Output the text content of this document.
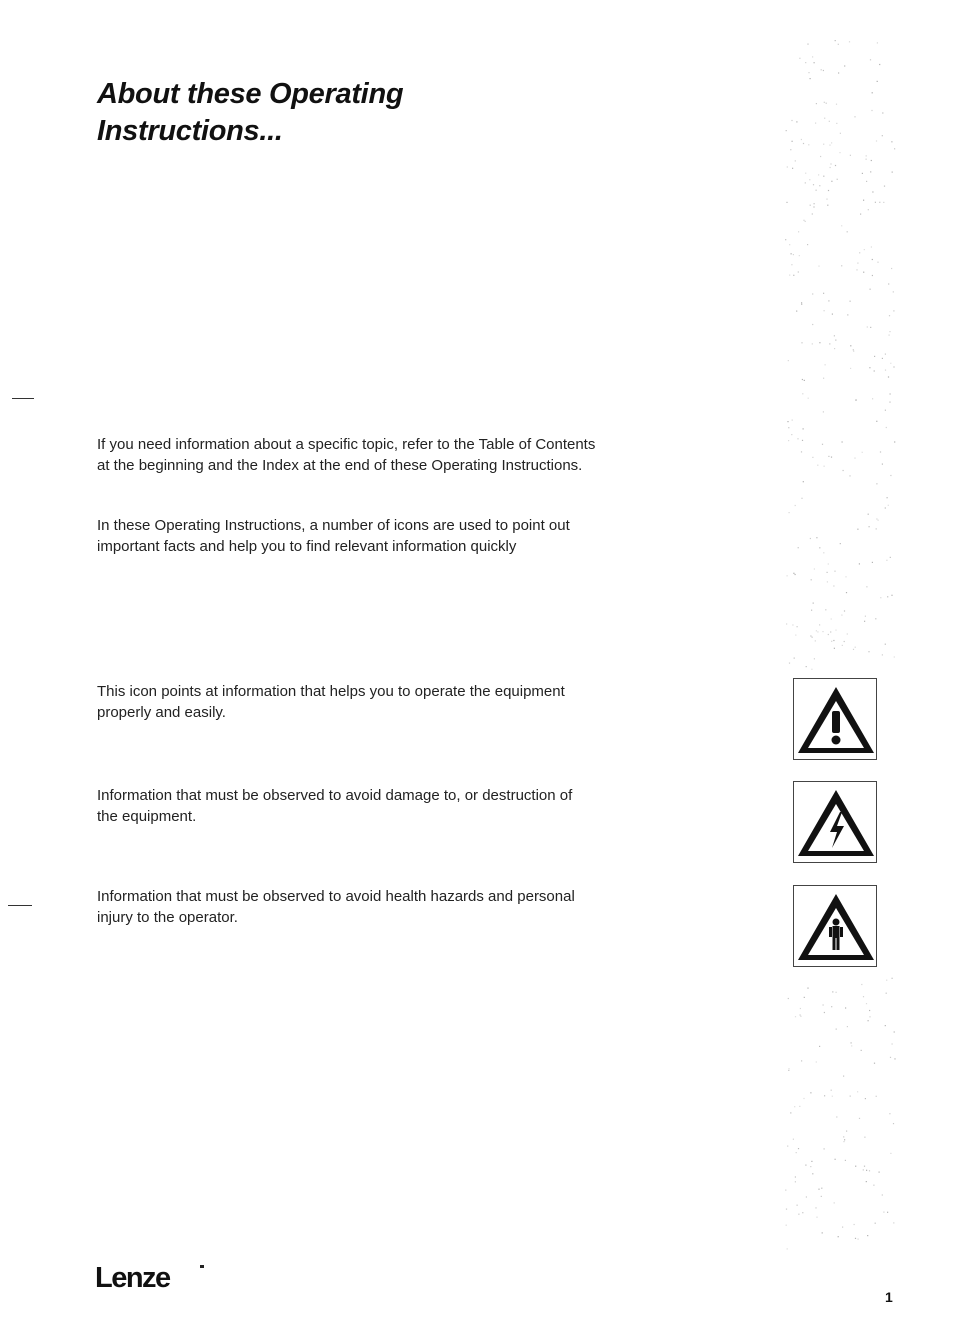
About these Operating Instructions...
If you need information about a specific topic, refer to the Table of Contents at the beginning and the Index at the end of these Operating Instructions.
In these Operating Instructions, a number of icons are used to point out important facts and help you to find relevant information quickly
This icon points at information that helps you to operate the equipment properly and easily.
Information that must be observed to avoid damage to, or destruction of the equipment.
Information that must be observed to avoid health hazards and personal injury to the operator.
Lenze
1
